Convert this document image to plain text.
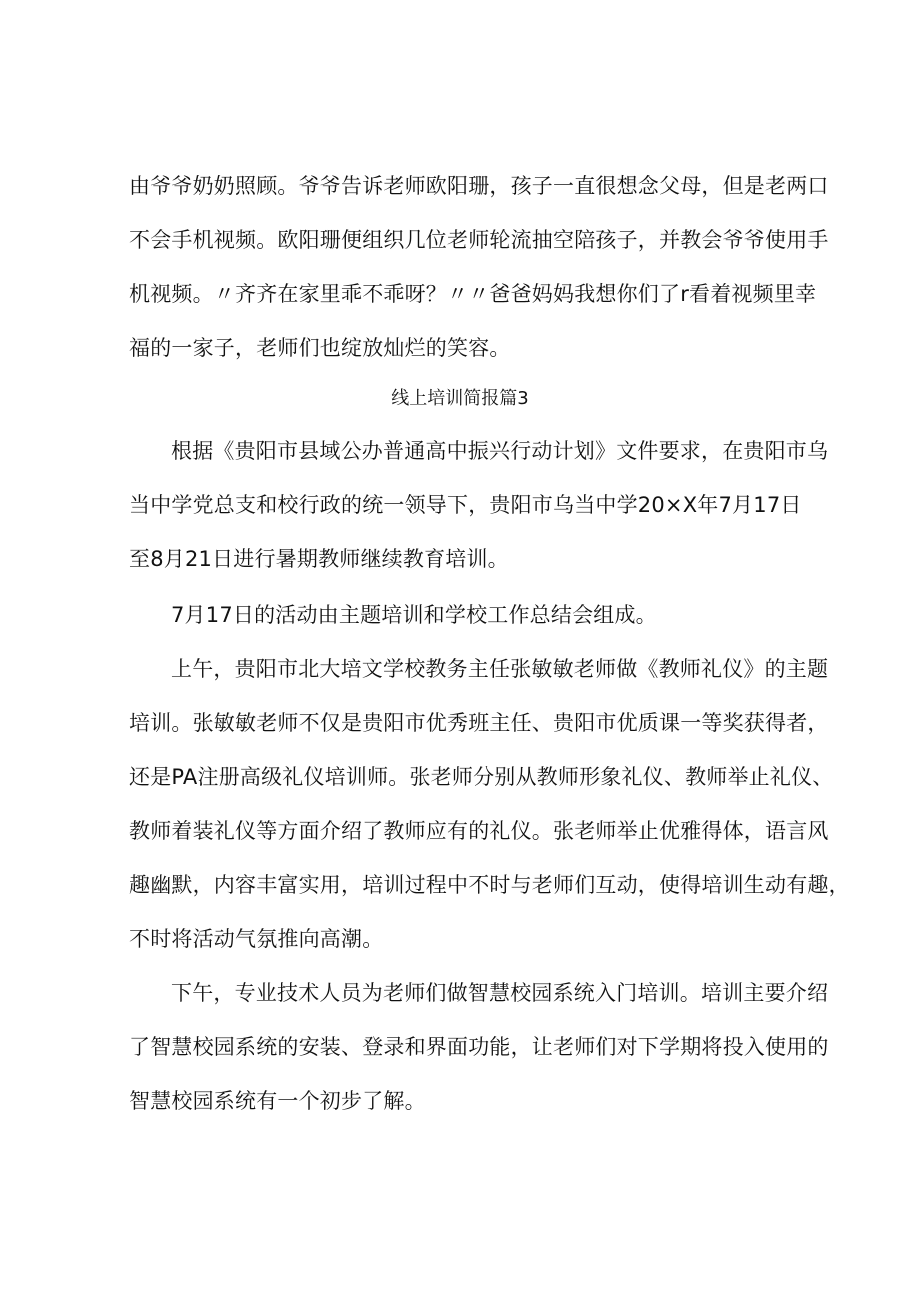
由爷爷奶奶照顾。爷爷告诉老师欧阳珊，孩子一直很想念父母，但是老两口
不会手机视频。欧阳珊便组织几位老师轮流抽空陪孩子，并教会爷爷使用手
机视频。〃齐齐在家里乖不乖呀？〃〃爸爸妈妈我想你们了r看着视频里幸
福的一家子，老师们也绽放灿烂的笑容。
线上培训简报篇3
根据《贵阳市县域公办普通高中振兴行动计划》文件要求，在贵阳市乌
当中学党总支和校行政的统一领导下，贵阳市乌当中学20×X年7月17日
至8月21日进行暑期教师继续教育培训。
7月17日的活动由主题培训和学校工作总结会组成。
上午，贵阳市北大培文学校教务主任张敏敏老师做《教师礼仪》的主题
培训。张敏敏老师不仅是贵阳市优秀班主任、贵阳市优质课一等奖获得者，
还是PA注册高级礼仪培训师。张老师分别从教师形象礼仪、教师举止礼仪、
教师着装礼仪等方面介绍了教师应有的礼仪。张老师举止优雅得体，语言风
趣幽默，内容丰富实用，培训过程中不时与老师们互动，使得培训生动有趣，
不时将活动气氛推向高潮。
下午，专业技术人员为老师们做智慧校园系统入门培训。培训主要介绍
了智慧校园系统的安装、登录和界面功能，让老师们对下学期将投入使用的
智慧校园系统有一个初步了解。
